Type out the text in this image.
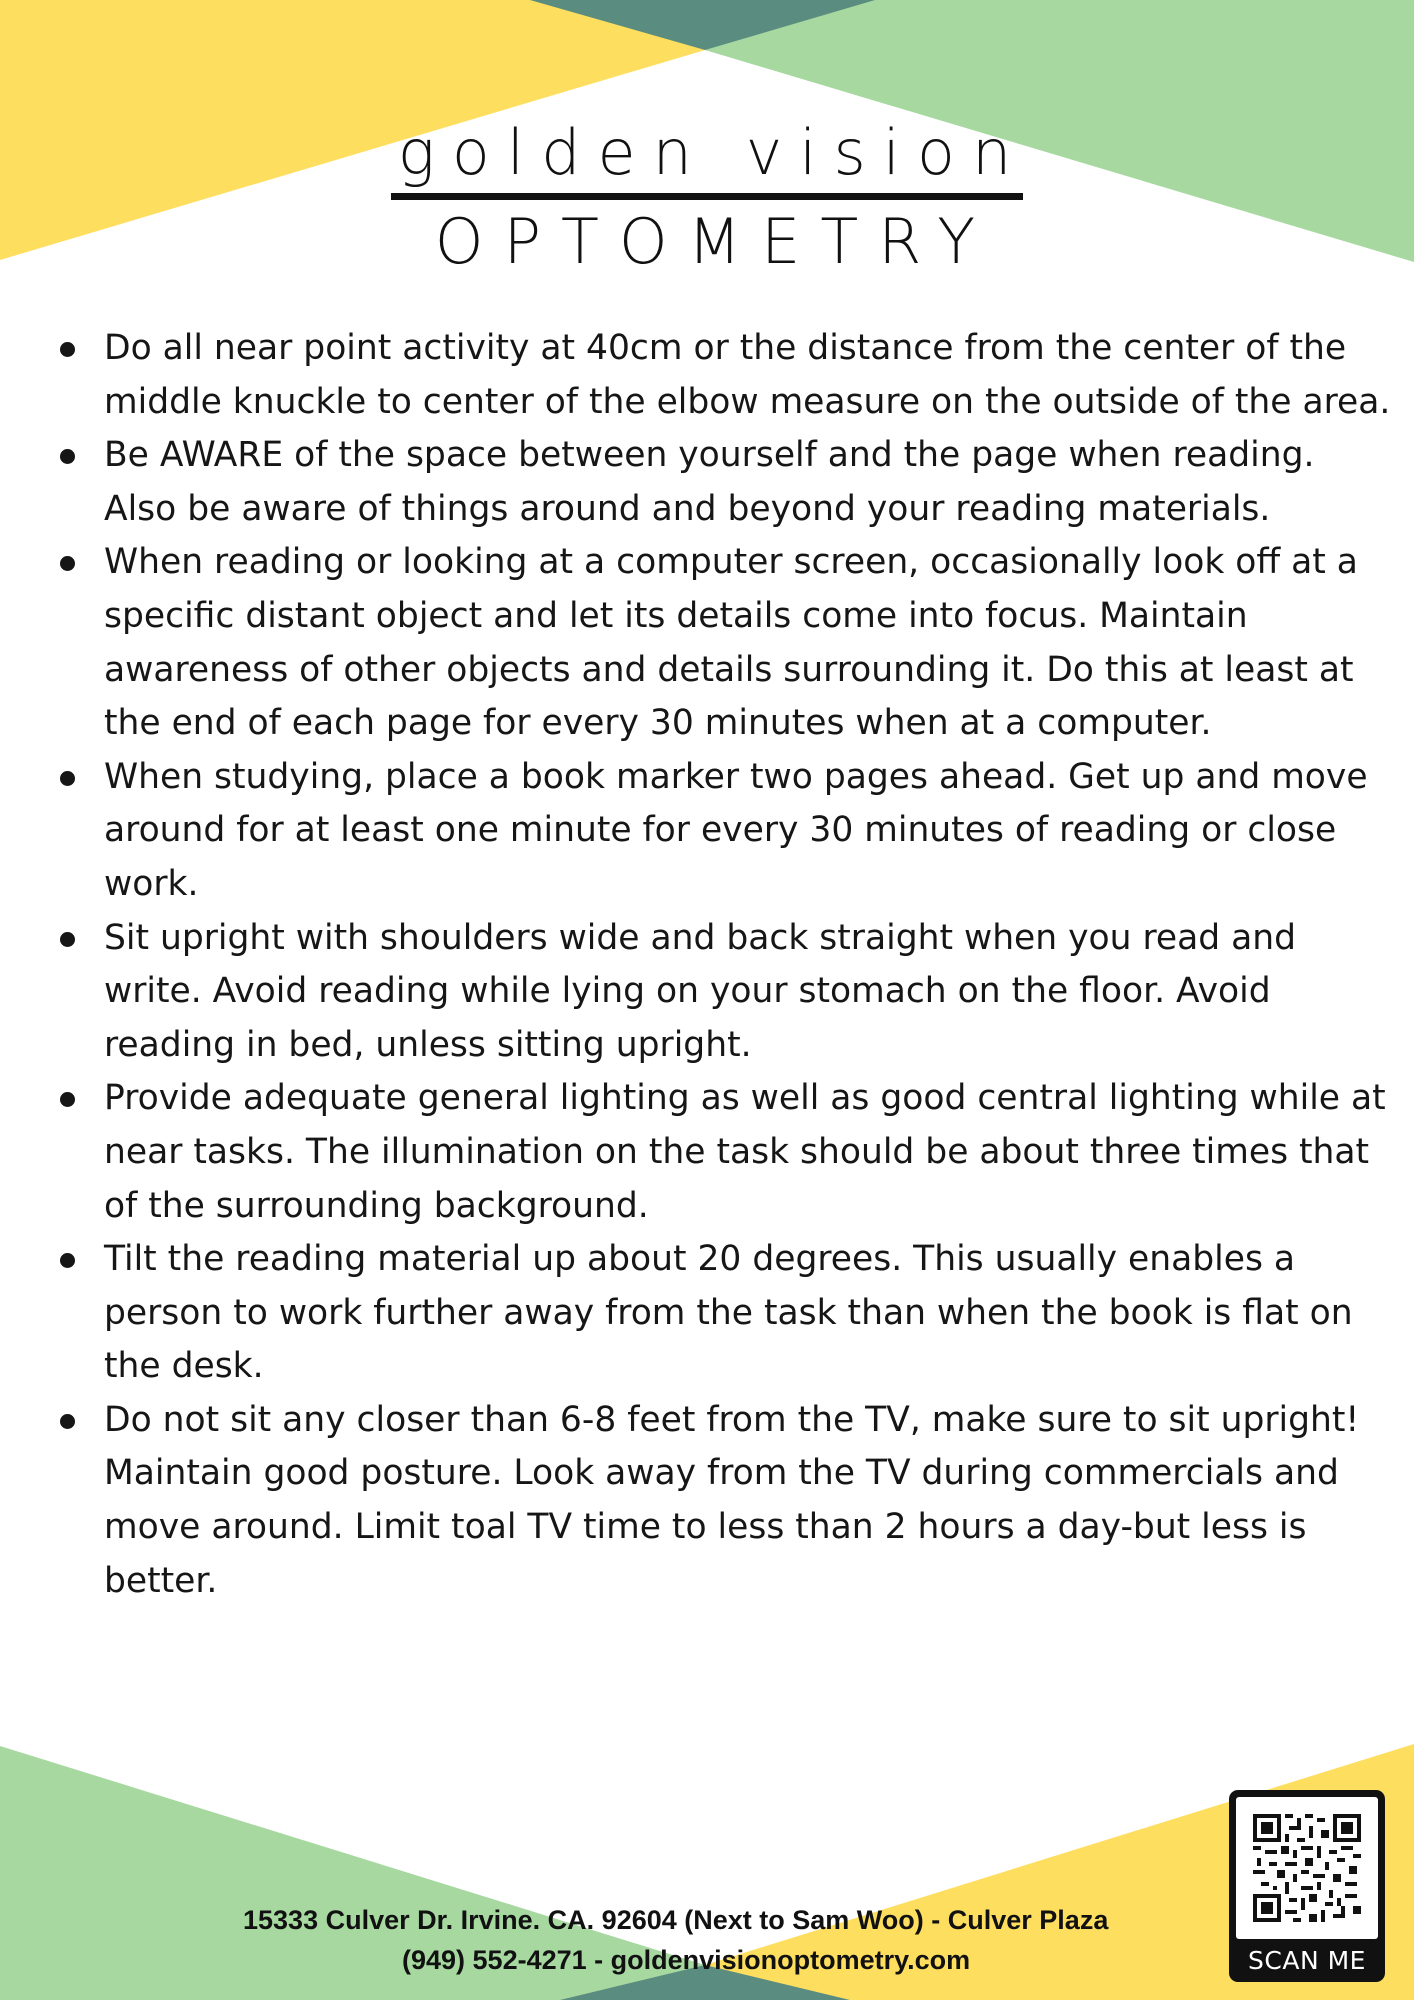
golden vision
OPTOMETRY
Do all near point activity at 40cm or the distance from the center of the middle knuckle to center of the elbow measure on the outside of the area.
Be AWARE of the space between yourself and the page when reading. Also be aware of things around and beyond your reading materials.
When reading or looking at a computer screen, occasionally look off at a specific distant object and let its details come into focus. Maintain awareness of other objects and details surrounding it. Do this at least at the end of each page for every 30 minutes when at a computer.
When studying, place a book marker two pages ahead. Get up and move around for at least one minute for every 30 minutes of reading or close work.
Sit upright with shoulders wide and back straight when you read and write. Avoid reading while lying on your stomach on the floor. Avoid reading in bed, unless sitting upright.
Provide adequate general lighting as well as good central lighting while at near tasks. The illumination on the task should be about three times that of the surrounding background.
Tilt the reading material up about 20 degrees. This usually enables a person to work further away from the task than when the book is flat on the desk.
Do not sit any closer than 6-8 feet from the TV, make sure to sit upright! Maintain good posture. Look away from the TV during commercials and move around. Limit toal TV time to less than 2 hours a day-but less is better.
15333 Culver Dr. Irvine. CA. 92604 (Next to Sam Woo) - Culver Plaza
(949) 552-4271 - goldenvisionoptometry.com	SCAN ME
